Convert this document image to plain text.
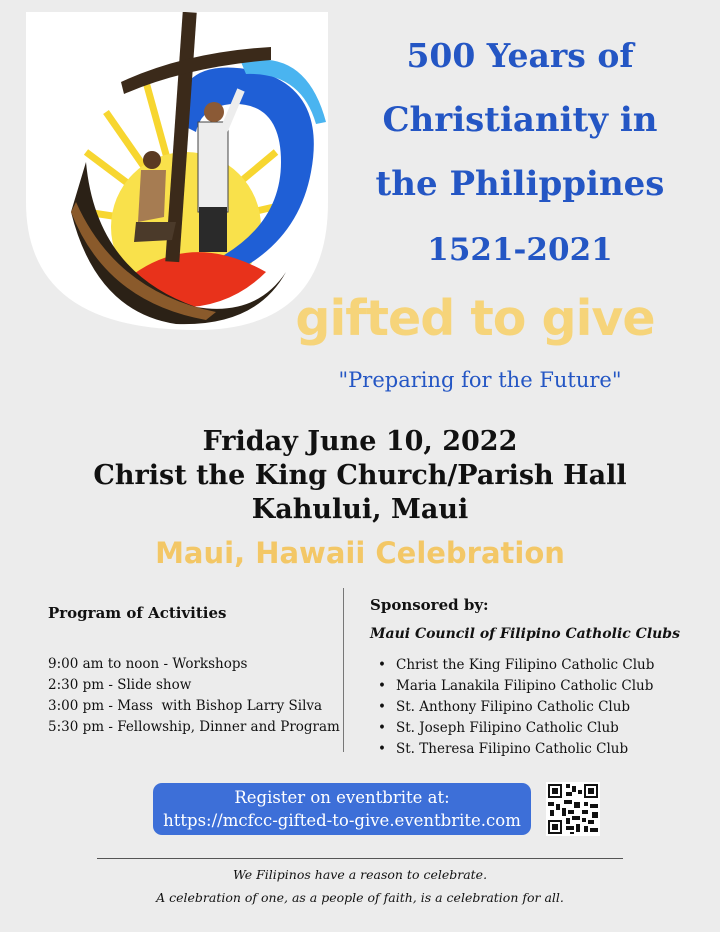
500 Years of
Christianity in
the Philippines
1521-2021
gifted to give
"Preparing for the Future"
Friday June 10, 2022
Christ the King Church/Parish Hall
Kahului, Maui
Maui, Hawaii Celebration
Program of Activities
9:00 am to noon - Workshops
2:30 pm - Slide show
3:00 pm - Mass  with Bishop Larry Silva
5:30 pm - Fellowship, Dinner and Program
Sponsored by:
Maui Council of Filipino Catholic Clubs
• Christ the King Filipino Catholic Club
• Maria Lanakila Filipino Catholic Club
• St. Anthony Filipino Catholic Club
• St. Joseph Filipino Catholic Club
• St. Theresa Filipino Catholic Club
Register on eventbrite at:
https://mcfcc-gifted-to-give.eventbrite.com
We Filipinos have a reason to celebrate.
A celebration of one, as a people of faith, is a celebration for all.
